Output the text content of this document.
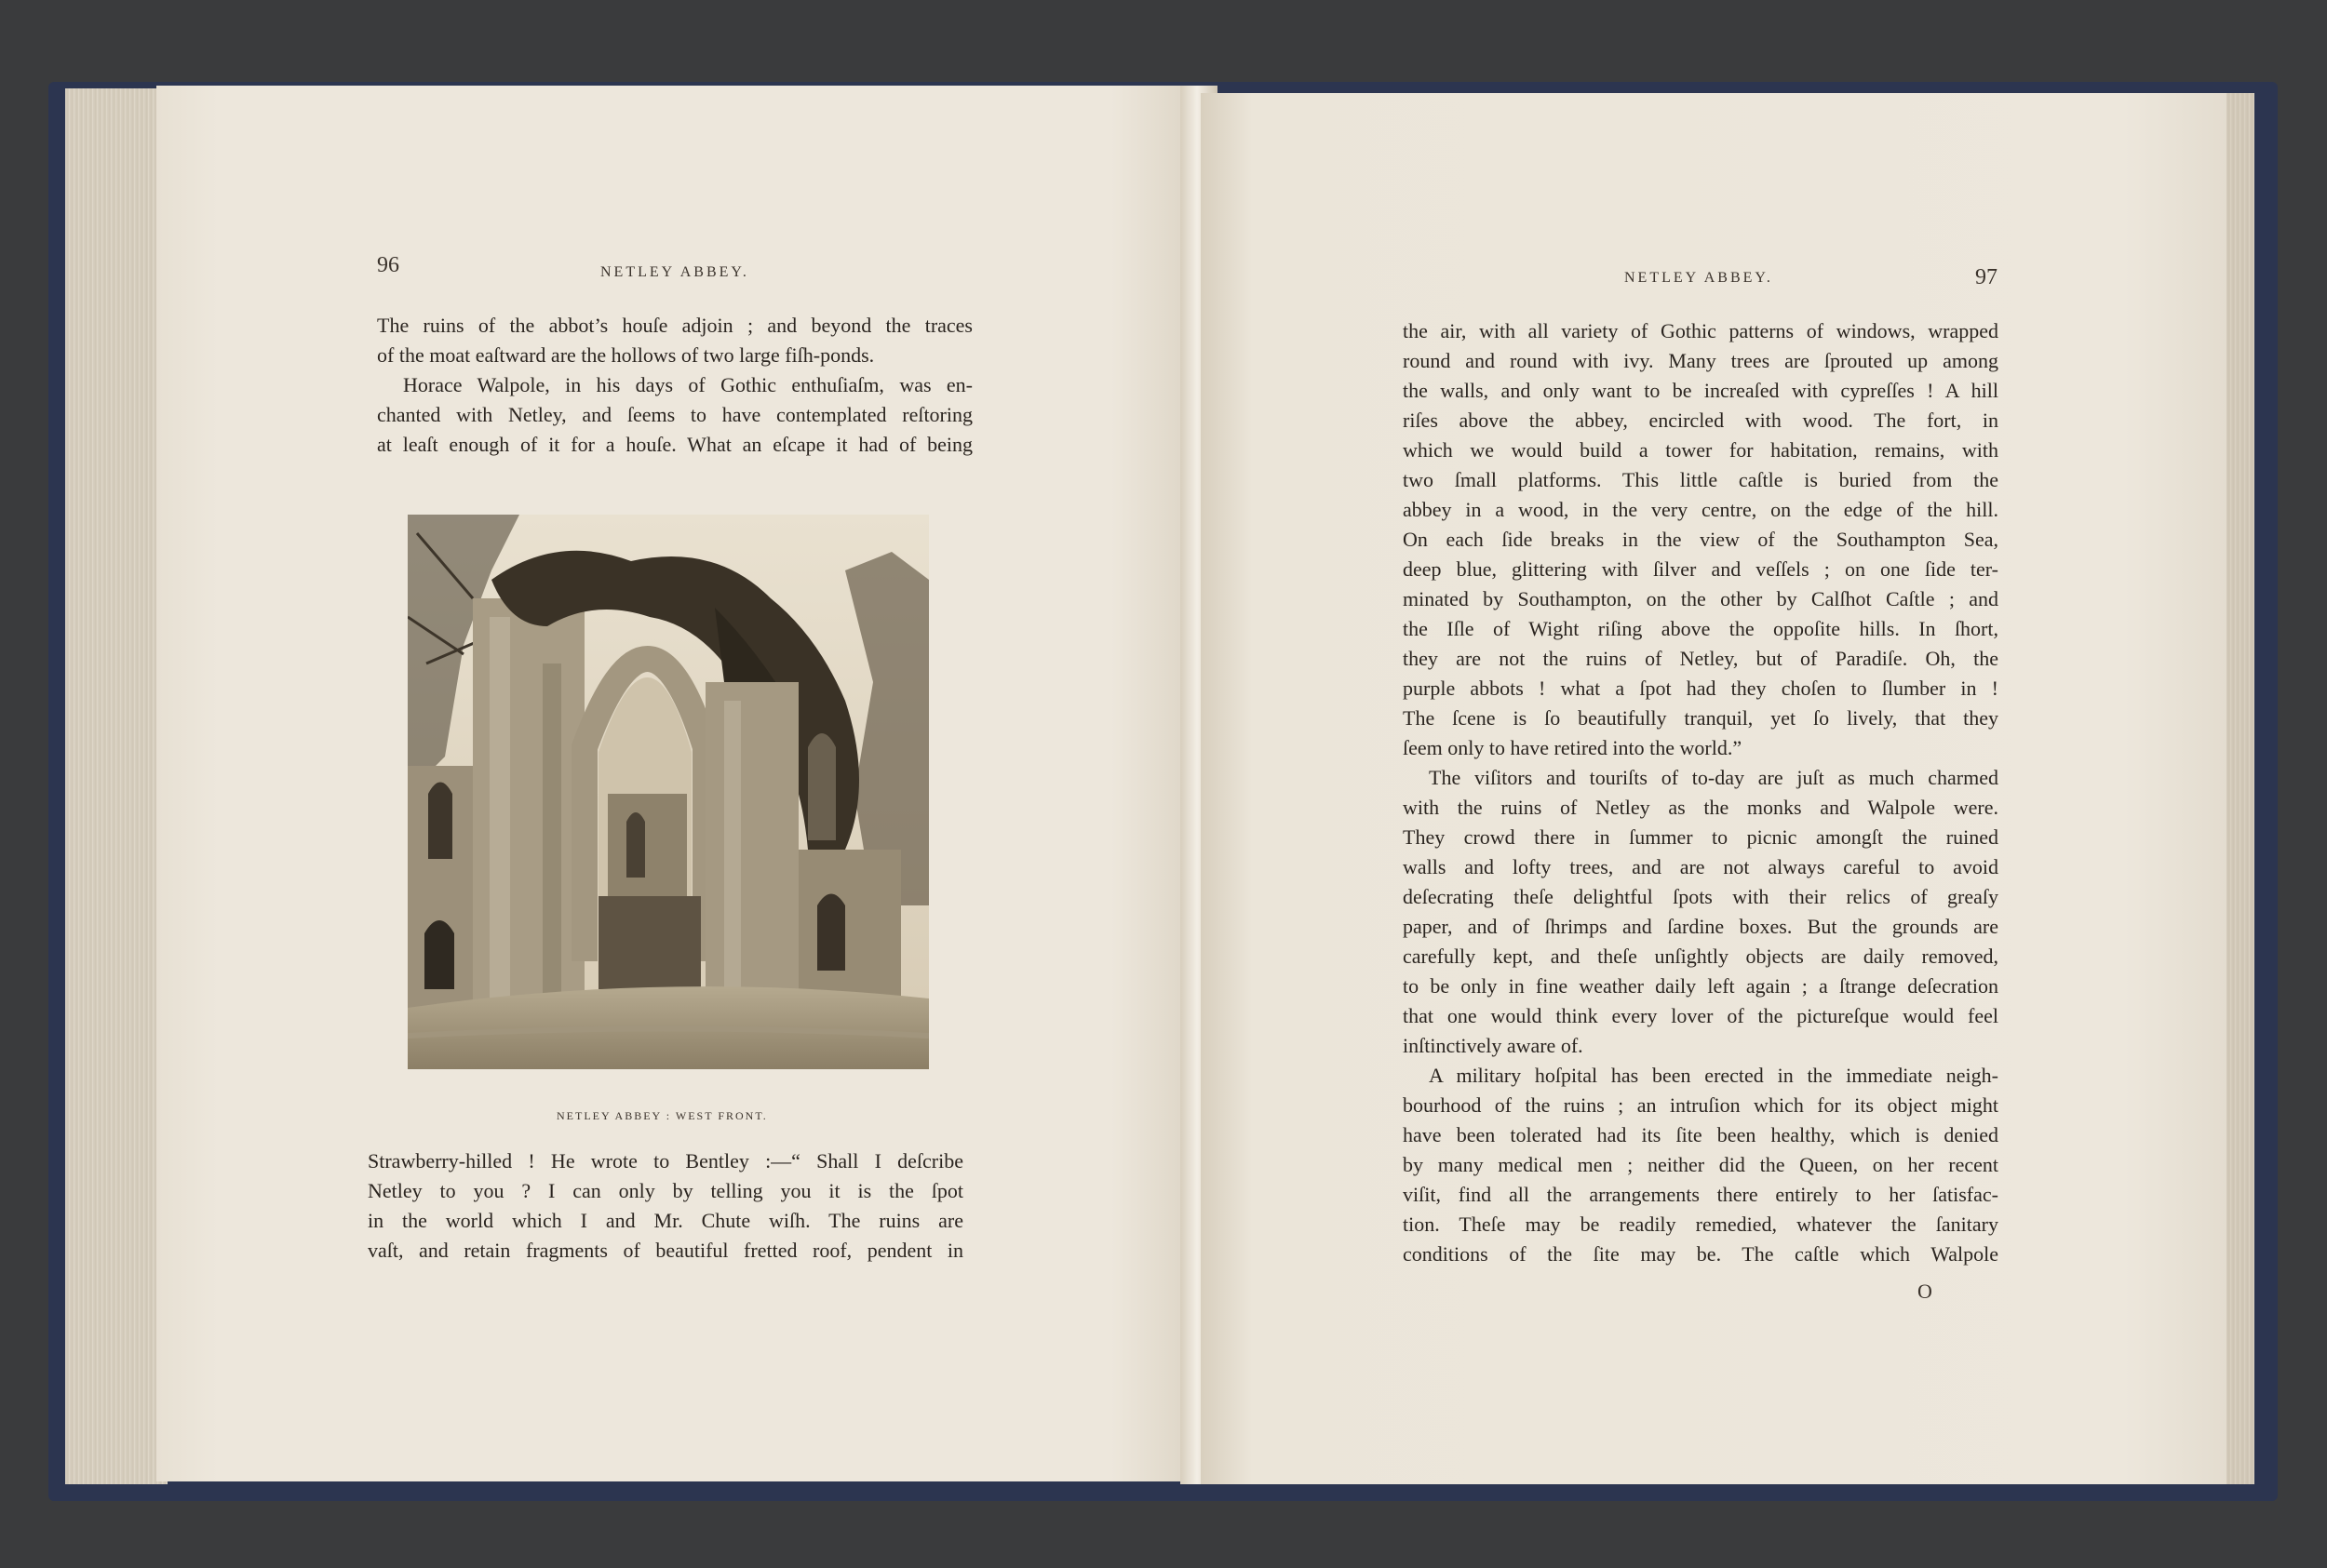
96	NETLEY ABBEY.

The ruins of the abbot’s houſe adjoin ; and beyond the traces

of the moat eaſtward are the hollows of two large fiſh-ponds.

Horace Walpole, in his days of Gothic enthuſiaſm, was en-

chanted with Netley, and ſeems to have contemplated reſtoring

at leaſt enough of it for a houſe. What an eſcape it had of being

NETLEY ABBEY : WEST FRONT.

Strawberry-hilled ! He wrote to Bentley :—“ Shall I deſcribe

Netley to you ? I can only by telling you it is the ſpot

in the world which I and Mr. Chute wiſh. The ruins are

vaſt, and retain fragments of beautiful fretted roof, pendent in

NETLEY ABBEY.	97

the air, with all variety of Gothic patterns of windows, wrapped

round and round with ivy. Many trees are ſprouted up among

the walls, and only want to be increaſed with cypreſſes ! A hill

riſes above the abbey, encircled with wood. The fort, in

which we would build a tower for habitation, remains, with

two ſmall platforms. This little caſtle is buried from the

abbey in a wood, in the very centre, on the edge of the hill.

On each ſide breaks in the view of the Southampton Sea,

deep blue, glittering with ſilver and veſſels ; on one ſide ter-

minated by Southampton, on the other by Calſhot Caſtle ; and

the Iſle of Wight riſing above the oppoſite hills. In ſhort,

they are not the ruins of Netley, but of Paradiſe. Oh, the

purple abbots ! what a ſpot had they choſen to ſlumber in !

The ſcene is ſo beautifully tranquil, yet ſo lively, that they

ſeem only to have retired into the world.”

The viſitors and touriſts of to-day are juſt as much charmed

with the ruins of Netley as the monks and Walpole were.

They crowd there in ſummer to picnic amongſt the ruined

walls and lofty trees, and are not always careful to avoid

deſecrating theſe delightful ſpots with their relics of greaſy

paper, and of ſhrimps and ſardine boxes. But the grounds are

carefully kept, and theſe unſightly objects are daily removed,

to be only in fine weather daily left again ; a ſtrange deſecration

that one would think every lover of the pictureſque would feel

inſtinctively aware of.

A military hoſpital has been erected in the immediate neigh-

bourhood of the ruins ; an intruſion which for its object might

have been tolerated had its ſite been healthy, which is denied

by many medical men ; neither did the Queen, on her recent

viſit, find all the arrangements there entirely to her ſatisfac-

tion. Theſe may be readily remedied, whatever the ſanitary

conditions of the ſite may be. The caſtle which Walpole

O
